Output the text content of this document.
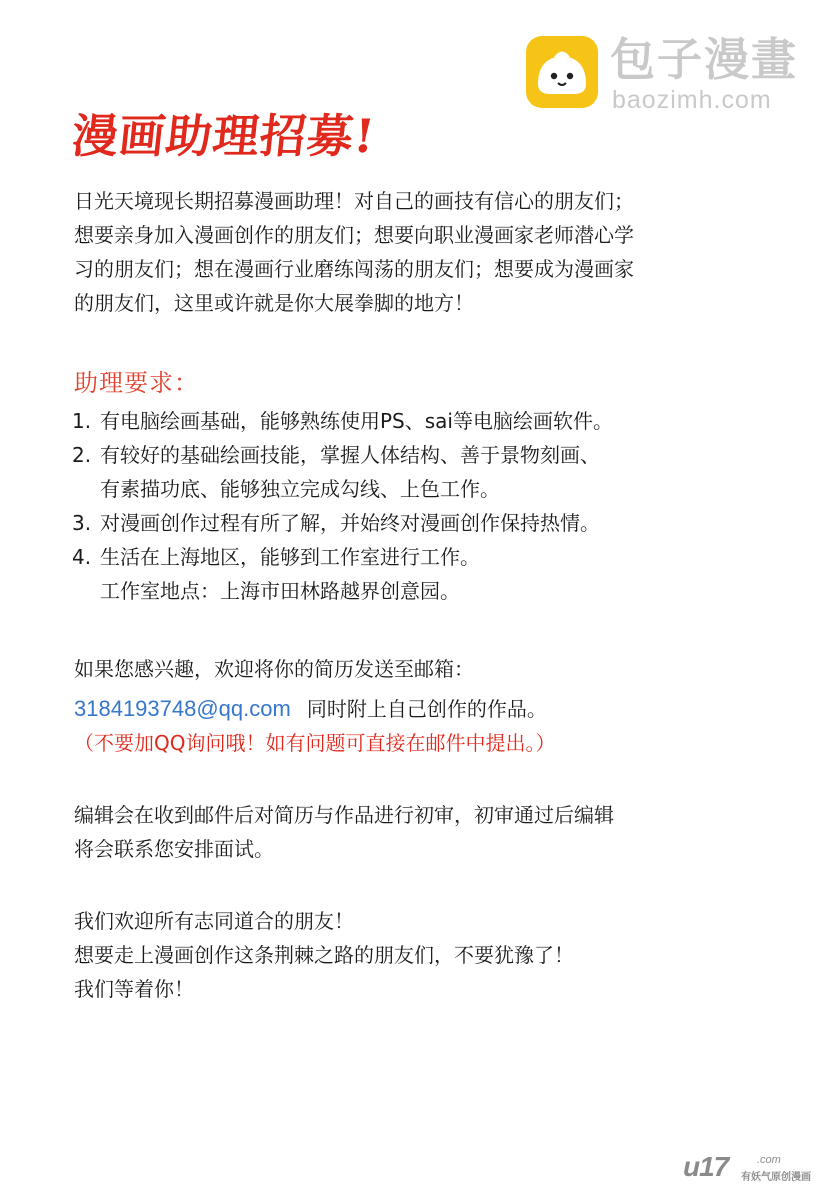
包子漫畫
baozimh.com
漫画助理招募!
日光天境现长期招募漫画助理！对自己的画技有信心的朋友们；
想要亲身加入漫画创作的朋友们；想要向职业漫画家老师潜心学
习的朋友们；想在漫画行业磨练闯荡的朋友们；想要成为漫画家
的朋友们，这里或许就是你大展拳脚的地方！
助理要求：
1. 有电脑绘画基础，能够熟练使用PS、sai等电脑绘画软件。
2. 有较好的基础绘画技能，掌握人体结构、善于景物刻画、
有素描功底、能够独立完成勾线、上色工作。
3. 对漫画创作过程有所了解，并始终对漫画创作保持热情。
4. 生活在上海地区，能够到工作室进行工作。
工作室地点：上海市田林路越界创意园。
如果您感兴趣，欢迎将你的简历发送至邮箱：
3184193748@qq.com 同时附上自己创作的作品。
（不要加QQ询问哦！如有问题可直接在邮件中提出。）
编辑会在收到邮件后对简历与作品进行初审，初审通过后编辑
将会联系您安排面试。
我们欢迎所有志同道合的朋友！
想要走上漫画创作这条荆棘之路的朋友们，不要犹豫了！
我们等着你！
u17	.com
有妖气原创漫画
